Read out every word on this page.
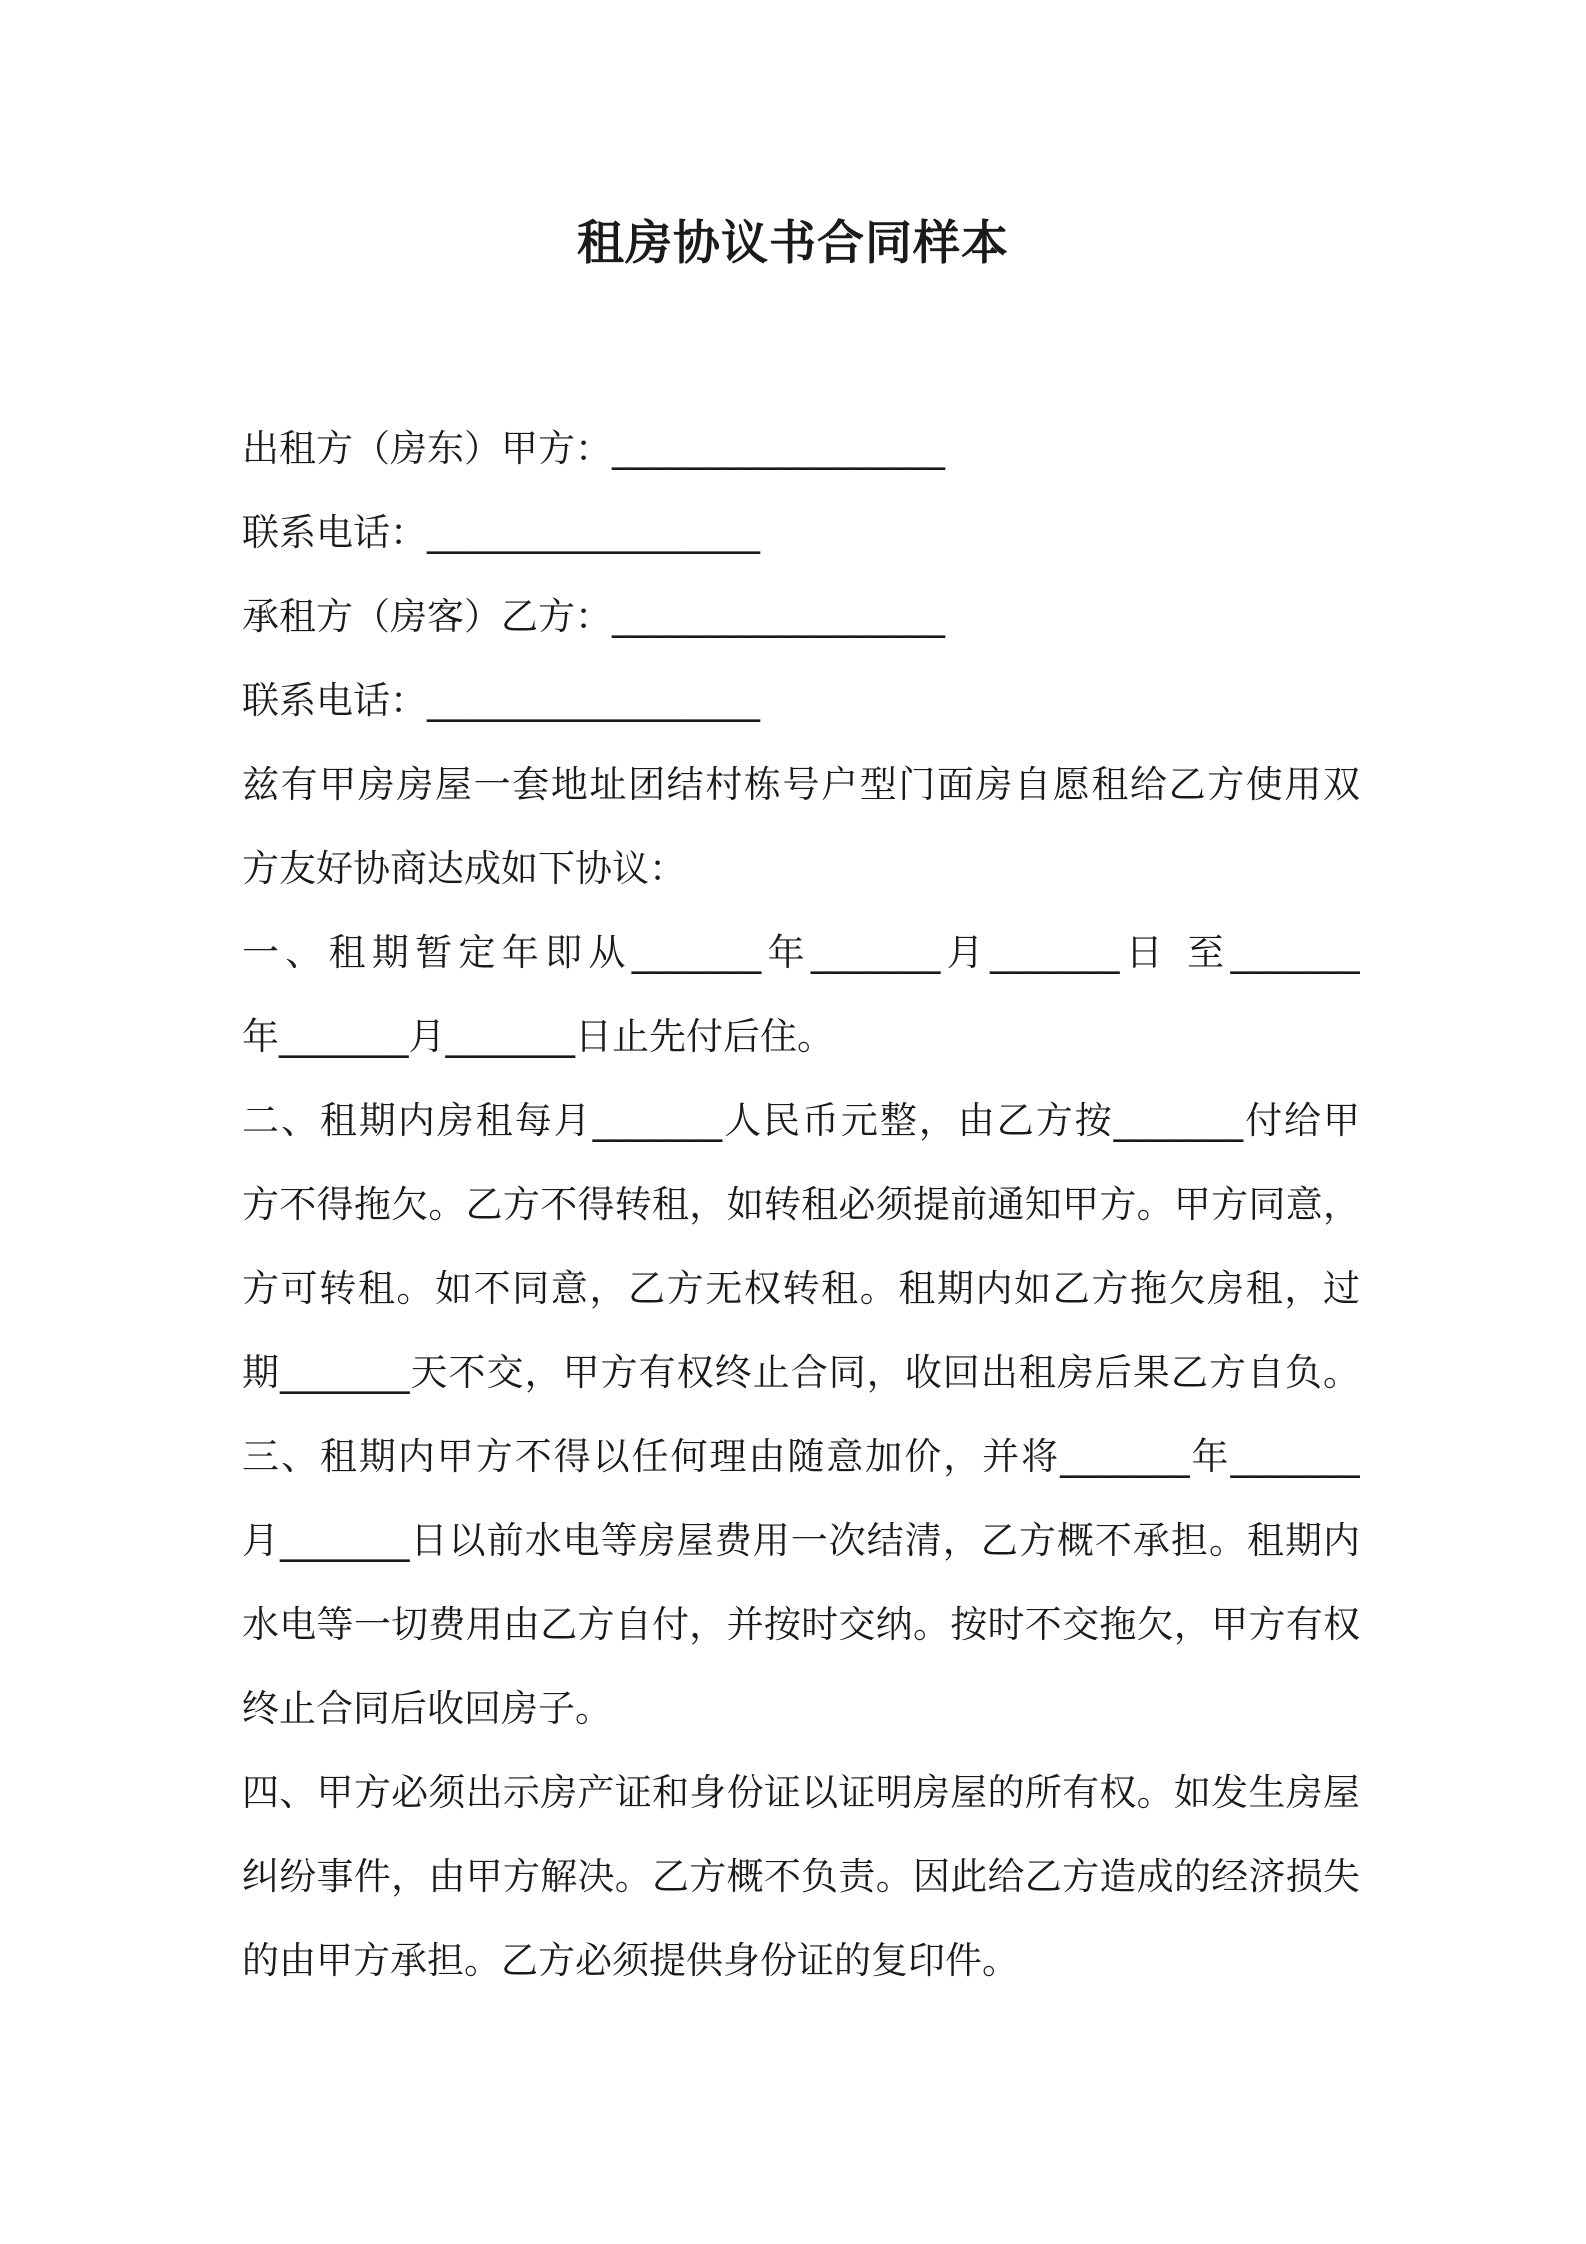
租房协议书合同样本
出租方（房东）甲方：__________________
联系电话：__________________
承租方（房客）乙方：__________________
联系电话：__________________
兹有甲房房屋一套地址团结村栋号户型门面房自愿租给乙方使用双
方友好协商达成如下协议：
一、租期暂定年即从_______年_______月_______日 至_______
年_______月_______日止先付后住。
二、租期内房租每月_______人民币元整，由乙方按_______付给甲
方不得拖欠。乙方不得转租，如转租必须提前通知甲方。甲方同意，
方可转租。如不同意，乙方无权转租。租期内如乙方拖欠房租，过
期_______天不交，甲方有权终止合同，收回出租房后果乙方自负。
三、租期内甲方不得以任何理由随意加价，并将_______年_______
月_______日以前水电等房屋费用一次结清，乙方概不承担。租期内
水电等一切费用由乙方自付，并按时交纳。按时不交拖欠，甲方有权
终止合同后收回房子。
四、甲方必须出示房产证和身份证以证明房屋的所有权。如发生房屋
纠纷事件，由甲方解决。乙方概不负责。因此给乙方造成的经济损失
的由甲方承担。乙方必须提供身份证的复印件。
